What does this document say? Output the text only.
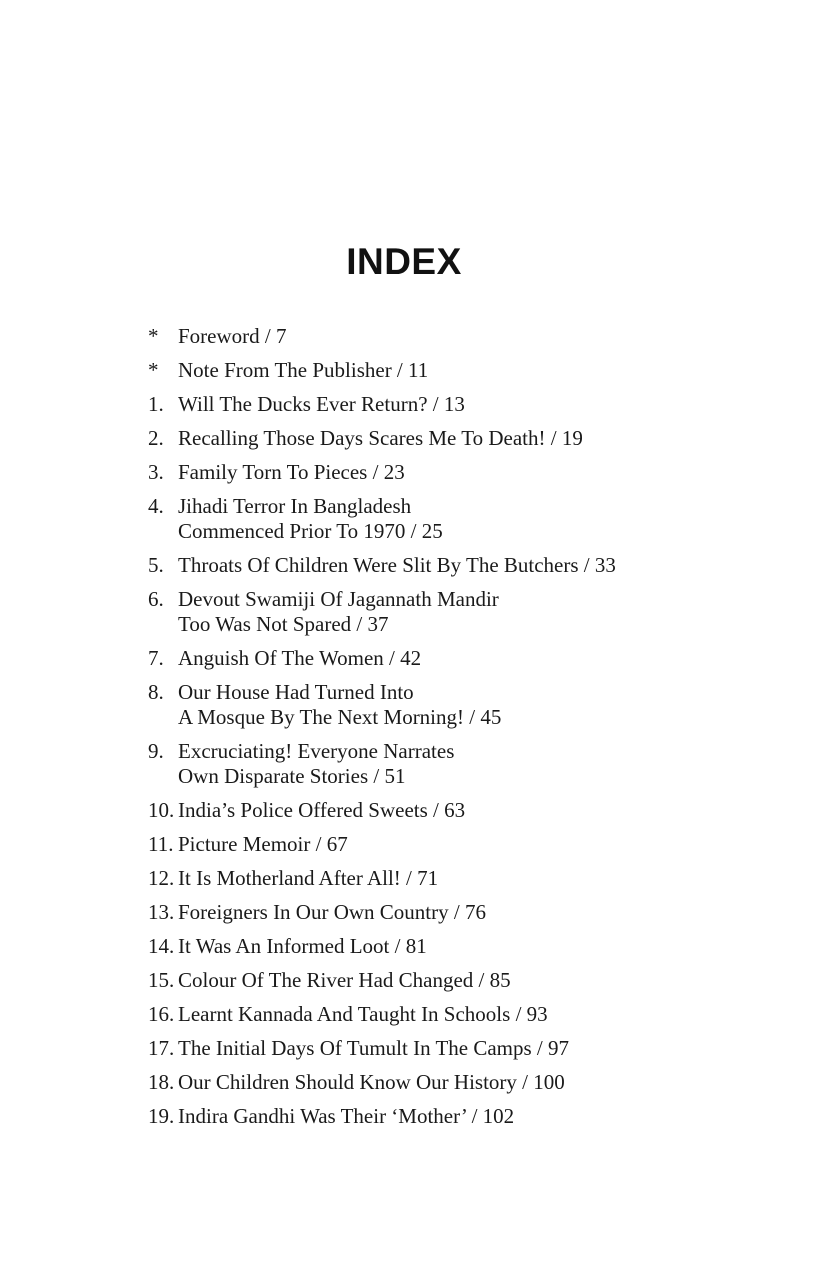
INDEX
* Foreword / 7
* Note From The Publisher / 11
1. Will The Ducks Ever Return? / 13
2. Recalling Those Days Scares Me To Death! / 19
3. Family Torn To Pieces / 23
4. Jihadi Terror In Bangladesh
Commenced Prior To 1970 / 25
5. Throats Of Children Were Slit By The Butchers / 33
6. Devout Swamiji Of Jagannath Mandir
Too Was Not Spared / 37
7. Anguish Of The Women / 42
8. Our House Had Turned Into
A Mosque By The Next Morning! / 45
9. Excruciating! Everyone Narrates
Own Disparate Stories / 51
10. India’s Police Offered Sweets / 63
11. Picture Memoir / 67
12. It Is Motherland After All! / 71
13. Foreigners In Our Own Country / 76
14. It Was An Informed Loot / 81
15. Colour Of The River Had Changed / 85
16. Learnt Kannada And Taught In Schools / 93
17. The Initial Days Of Tumult In The Camps / 97
18. Our Children Should Know Our History / 100
19. Indira Gandhi Was Their ‘Mother’ / 102
